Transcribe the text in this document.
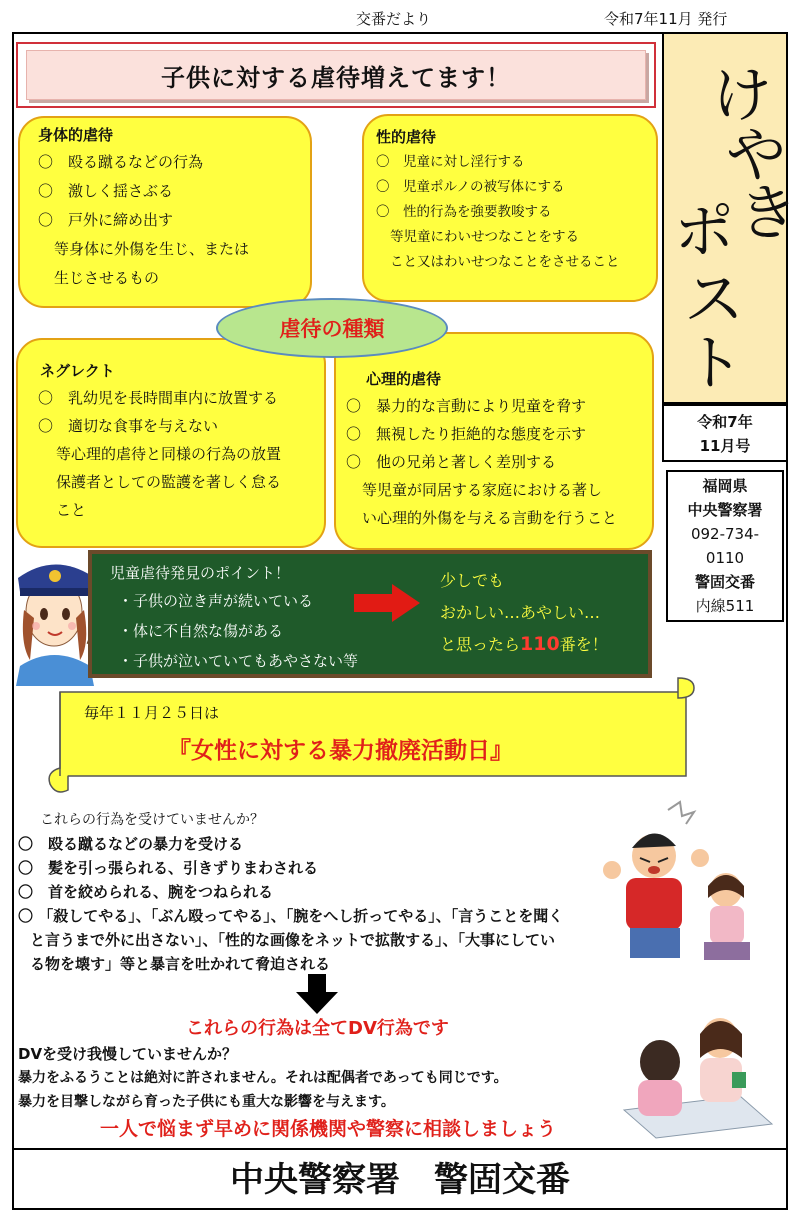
交番だより	令和7年11月 発行
子供に対する虐待増えてます！	け
や
き
ポ
ス
ト
令和7年
11月号
福岡県
中央警察署
092-734-
0110
警固交番
内線511
身体的虐待
〇　殴る蹴るなどの行為
〇　激しく揺さぶる
〇　戸外に締め出す
等身体に外傷を生じ、または
生じさせるもの
性的虐待
〇　児童に対し淫行する
〇　児童ポルノの被写体にする
〇　性的行為を強要教唆する
等児童にわいせつなことをする
こと又はわいせつなことをさせること
ネグレクト
〇　乳幼児を長時間車内に放置する
〇　適切な食事を与えない
等心理的虐待と同様の行為の放置
保護者としての監護を著しく怠る
こと
心理的虐待
〇　暴力的な言動により児童を脅す
〇　無視したり拒絶的な態度を示す
〇　他の兄弟と著しく差別する
等児童が同居する家庭における著し
い心理的外傷を与える言動を行うこと
虐待の種類
児童虐待発見のポイント！
・子供の泣き声が続いている
・体に不自然な傷がある
・子供が泣いていてもあやさない等
少しでも
おかしい…あやしい…
と思ったら110番を！
毎年１１月２５日は
『女性に対する暴力撤廃活動日』
これらの行為を受けていませんか？
〇　殴る蹴るなどの暴力を受ける
〇　髪を引っ張られる、引きずりまわされる
〇　首を絞められる、腕をつねられる
〇 「殺してやる」、「ぶん殴ってやる」、「腕をへし折ってやる」、「言うことを聞く
と言うまで外に出さない」、「性的な画像をネットで拡散する」、「大事にしてい
る物を壊す」等と暴言を吐かれて脅迫される
これらの行為は全てDV行為です
DVを受け我慢していませんか？
暴力をふるうことは絶対に許されません。それは配偶者であっても同じです。
暴力を目撃しながら育った子供にも重大な影響を与えます。
一人で悩まず早めに関係機関や警察に相談しましょう
中央警察署　警固交番
